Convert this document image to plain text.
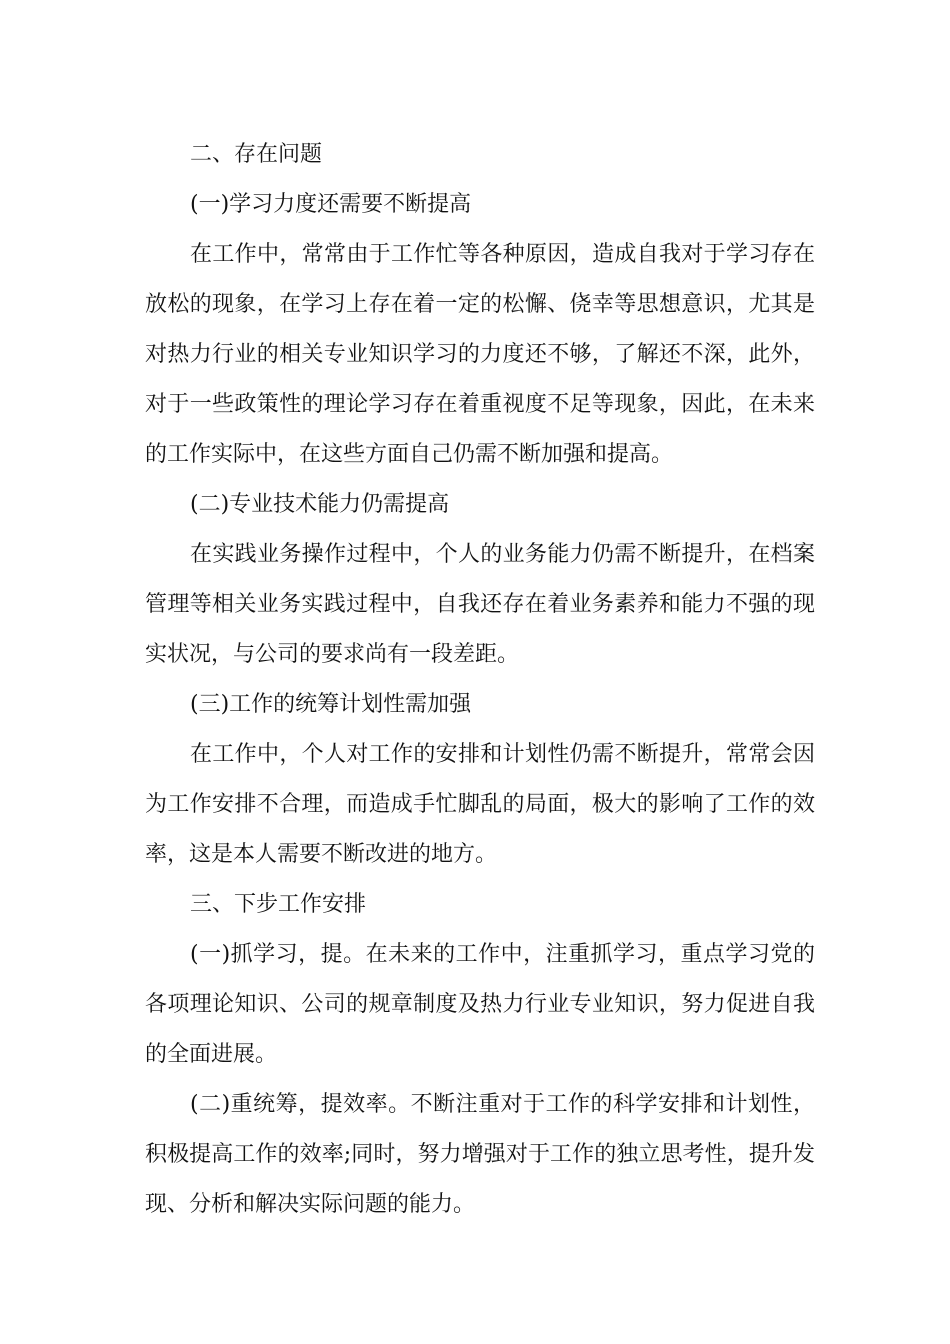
二、存在问题

(一)学习力度还需要不断提高

在工作中，常常由于工作忙等各种原因，造成自我对于学习存在放松的现象，在学习上存在着一定的松懈、侥幸等思想意识，尤其是对热力行业的相关专业知识学习的力度还不够，了解还不深，此外，对于一些政策性的理论学习存在着重视度不足等现象，因此，在未来的工作实际中，在这些方面自己仍需不断加强和提高。

(二)专业技术能力仍需提高

在实践业务操作过程中，个人的业务能力仍需不断提升，在档案管理等相关业务实践过程中，自我还存在着业务素养和能力不强的现实状况，与公司的要求尚有一段差距。

(三)工作的统筹计划性需加强

在工作中，个人对工作的安排和计划性仍需不断提升，常常会因为工作安排不合理，而造成手忙脚乱的局面，极大的影响了工作的效率，这是本人需要不断改进的地方。

三、下步工作安排

(一)抓学习，提。在未来的工作中，注重抓学习，重点学习党的各项理论知识、公司的规章制度及热力行业专业知识，努力促进自我的全面进展。

(二)重统筹，提效率。不断注重对于工作的科学安排和计划性，积极提高工作的效率;同时，努力增强对于工作的独立思考性，提升发现、分析和解决实际问题的能力。
